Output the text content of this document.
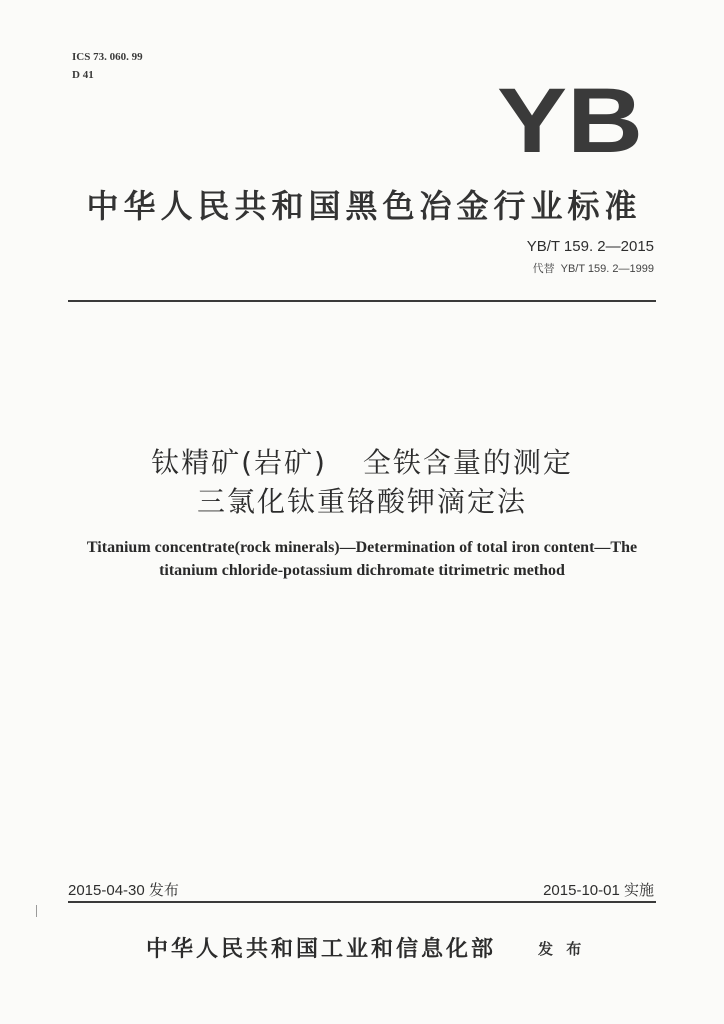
ICS 73. 060. 99
D 41	YB
中华人民共和国黑色冶金行业标准
YB/T 159. 2—2015
代替 YB/T 159. 2—1999
钛精矿(岩矿) 全铁含量的测定
三氯化钛重铬酸钾滴定法
Titanium concentrate(rock minerals)—Determination of total iron content—The
titanium chloride-potassium dichromate titrimetric method
2015-04-30 发布	2015-10-01 实施
中华人民共和国工业和信息化部	发 布
